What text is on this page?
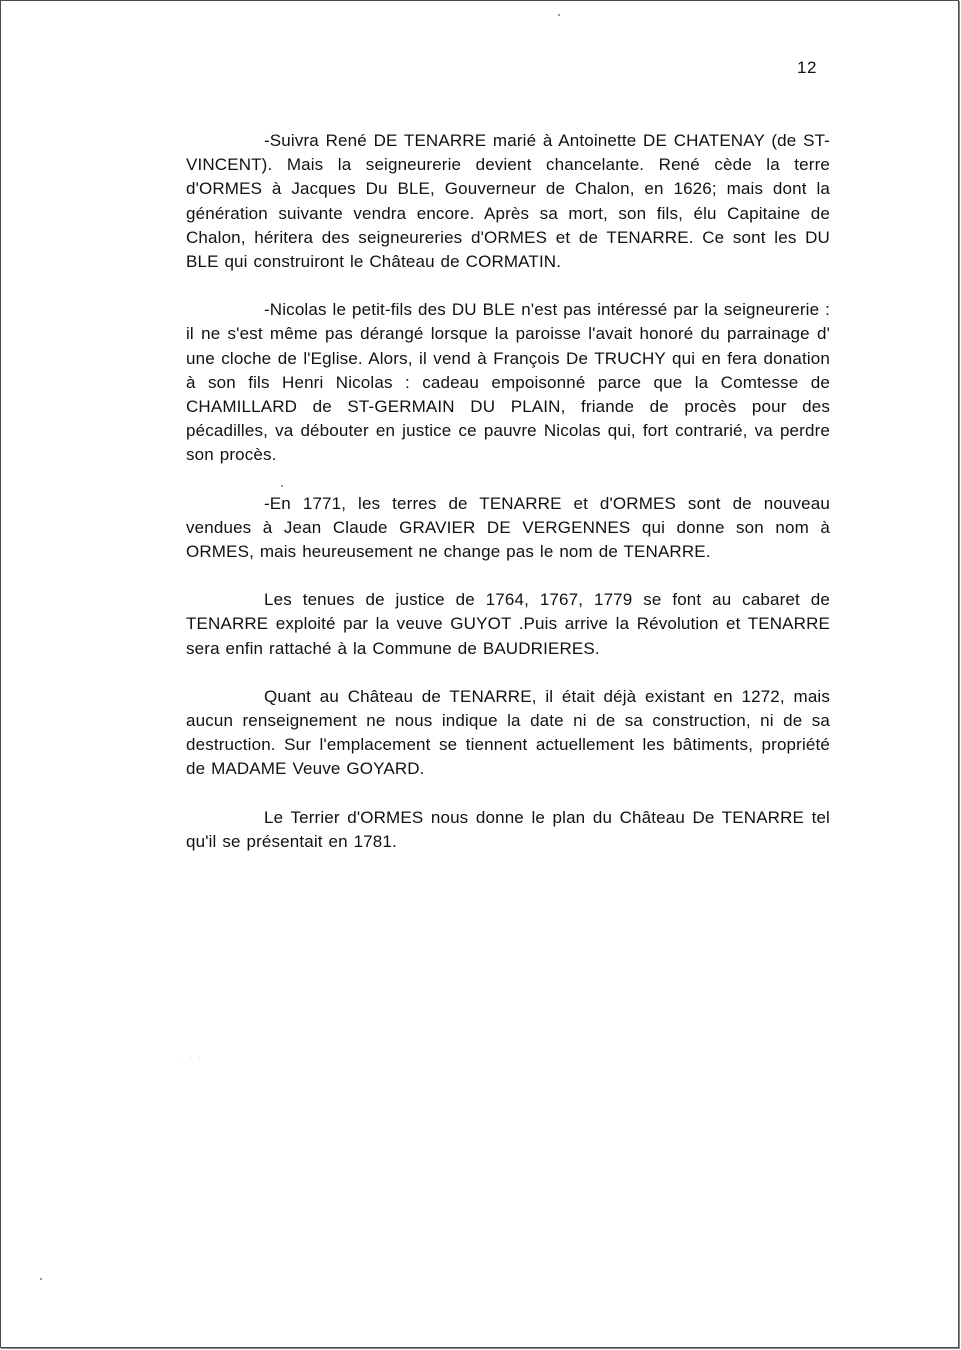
12

-Suivra René DE TENARRE marié à Antoinette DE CHATENAY (de ST- VINCENT). Mais la seigneurerie devient chancelante. René cède la terre d'ORMES à Jacques Du BLE, Gouverneur de Chalon, en 1626; mais dont la génération suivante vendra encore. Après sa mort, son fils, élu Capitaine de Chalon, héritera des seigneureries d'ORMES et de TENARRE. Ce sont les DU BLE qui construiront le Château de CORMATIN.

-Nicolas le petit-fils des DU BLE n'est pas intéressé par la seigneurerie : il ne s'est même pas dérangé lorsque la paroisse l'avait honoré du parrainage d' une cloche de l'Eglise. Alors, il vend à François De TRUCHY qui en fera donation à son fils Henri Nicolas : cadeau empoisonné parce que la Comtesse de CHAMILLARD de ST-GERMAIN DU PLAIN, friande de procès pour des pécadilles, va débouter en justice ce pauvre Nicolas qui, fort contrarié, va perdre son procès.

-En 1771, les terres de TENARRE et d'ORMES sont de nouveau vendues à Jean Claude GRAVIER DE VERGENNES qui donne son nom à ORMES, mais heureusement ne change pas le nom de TENARRE.

Les tenues de justice de 1764, 1767, 1779 se font au cabaret de TENARRE exploité par la veuve GUYOT .Puis arrive la Révolution et TENARRE sera enfin rattaché à la Commune de BAUDRIERES.

Quant au Château de TENARRE, il était déjà existant en 1272, mais aucun renseignement ne nous indique la date ni de sa construction, ni de sa destruction. Sur l'emplacement se tiennent actuellement les bâtiments, propriété de MADAME Veuve GOYARD.

Le Terrier d'ORMES nous donne le plan du Château De TENARRE tel qu'il se présentait en 1781.

· · ·
